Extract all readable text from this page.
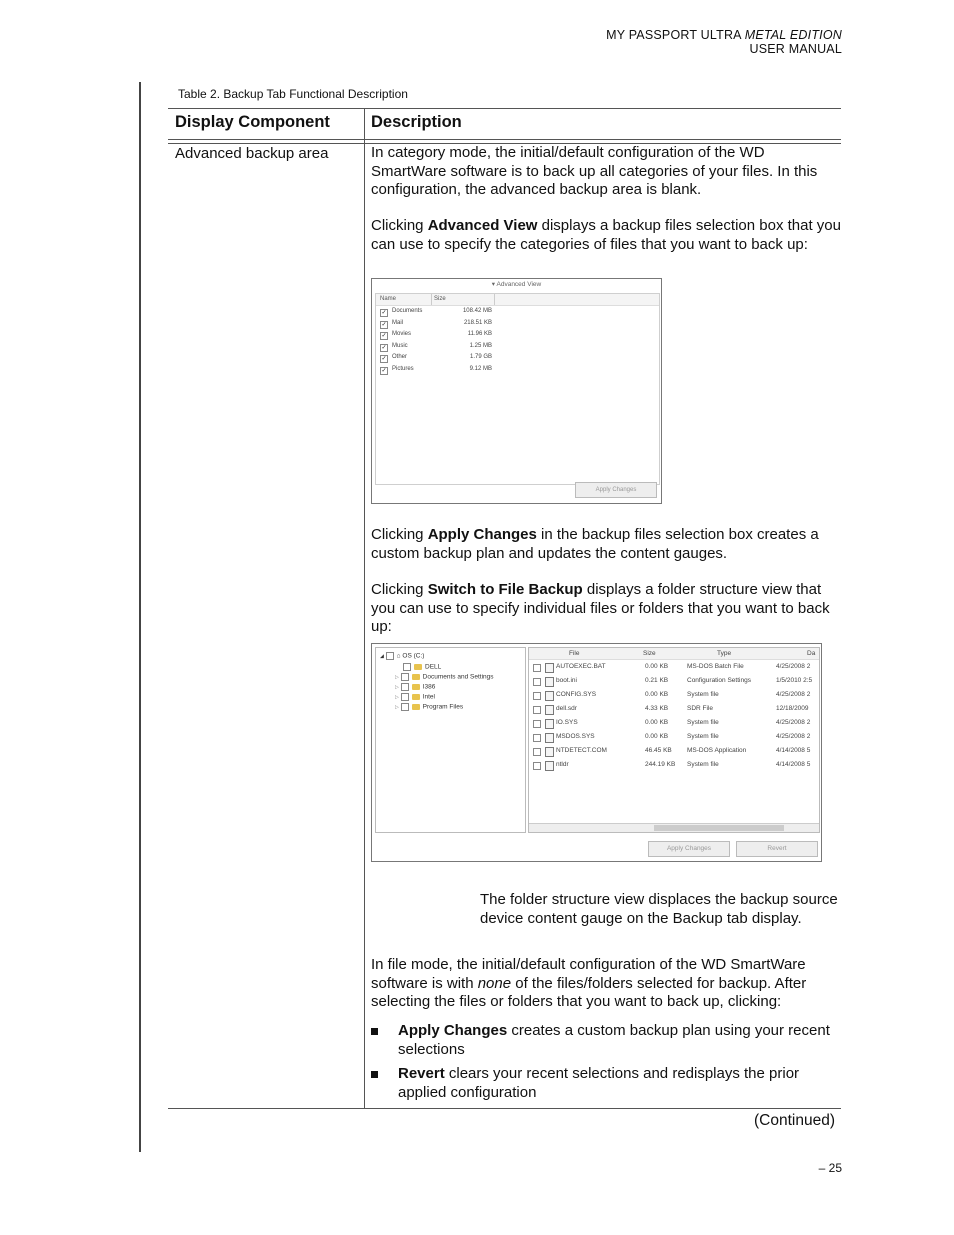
MY PASSPORT ULTRA METAL EDITION
USER MANUAL
Table 2. Backup Tab Functional Description
Display Component Description
Advanced backup area	In category mode, the initial/default configuration of the WD SmartWare software is to back up all categories of your files. In this configuration, the advanced backup area is blank.
Clicking Advanced View displays a backup files selection box that you can use to specify the categories of files that you want to back up:
▾ Advanced View
Name	Size
✓ Documents	108.42 MB
✓ Mail	218.51 KB
✓ Movies	11.96 KB
✓ Music	1.25 MB
✓ Other	1.79 GB
✓ Pictures	9.12 MB
Apply Changes
Clicking Apply Changes in the backup files selection box creates a custom backup plan and updates the content gauges.
Clicking Switch to File Backup displays a folder structure view that you can use to specify individual files or folders that you want to back up:
◢ ⌂ OS (C:)
DELL
▷	Documents and Settings
▷	I386
▷	Intel
▷	Program Files
File	Size	Type	Da
AUTOEXEC.BAT	0.00 KB	MS-DOS Batch File	4/25/2008 2
boot.ini	0.21 KB	Configuration Settings	1/5/2010 2:5
CONFIG.SYS	0.00 KB	System file	4/25/2008 2
dell.sdr	4.33 KB	SDR File	12/18/2009
IO.SYS	0.00 KB	System file	4/25/2008 2
MSDOS.SYS	0.00 KB	System file	4/25/2008 2
NTDETECT.COM	46.45 KB MS-DOS Application	4/14/2008 5
ntldr	244.19 KB System file	4/14/2008 5
Apply Changes	Revert
The folder structure view displaces the backup source device content gauge on the Backup tab display.
In file mode, the initial/default configuration of the WD SmartWare software is with none of the files/folders selected for backup. After selecting the files or folders that you want to back up, clicking:
Apply Changes creates a custom backup plan using your recent selections
Revert clears your recent selections and redisplays the prior applied configuration
(Continued)
– 25
